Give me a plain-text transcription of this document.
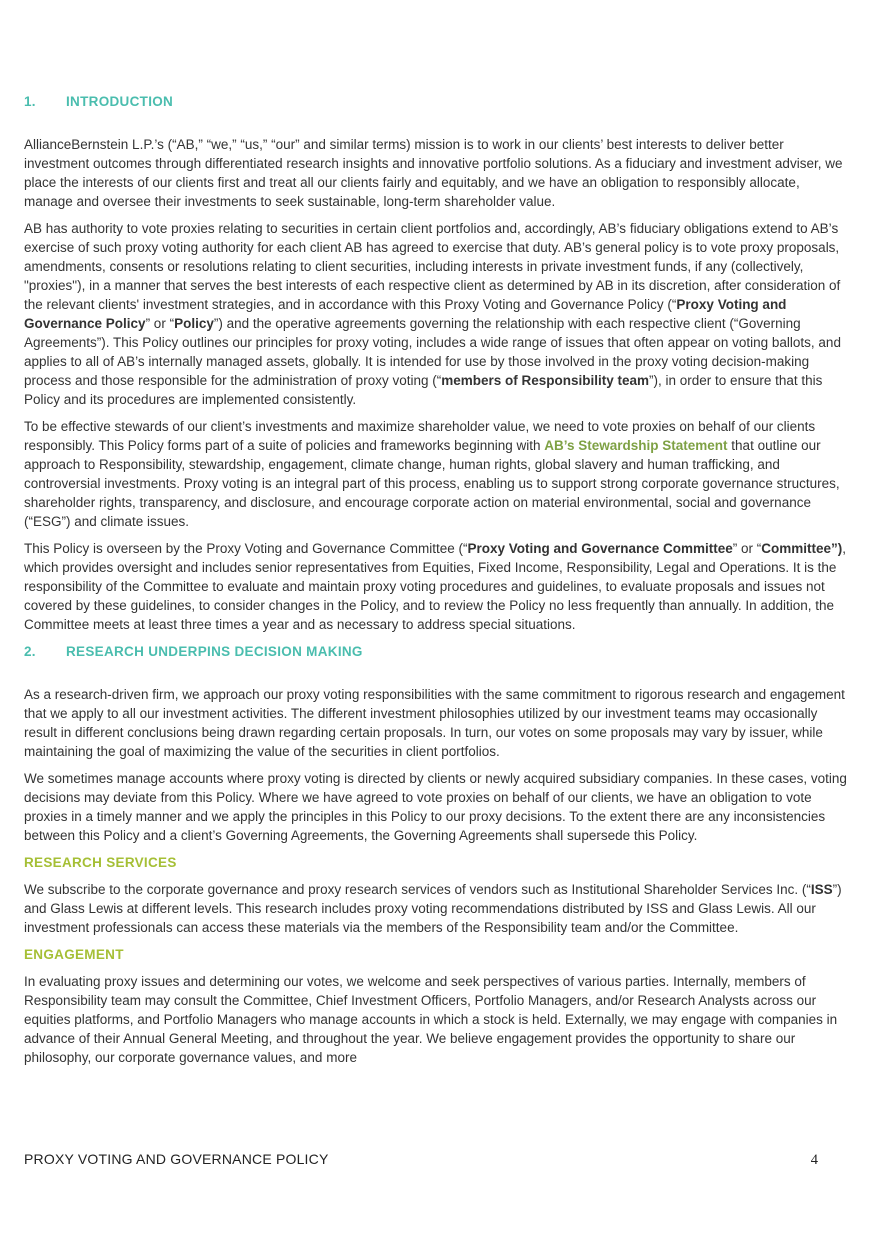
1. INTRODUCTION

AllianceBernstein L.P.’s (“AB,” “we,” “us,” “our” and similar terms) mission is to work in our clients’ best interests to deliver better investment outcomes through differentiated research insights and innovative portfolio solutions. As a fiduciary and investment adviser, we place the interests of our clients first and treat all our clients fairly and equitably, and we have an obligation to responsibly allocate, manage and oversee their investments to seek sustainable, long-term shareholder value.

AB has authority to vote proxies relating to securities in certain client portfolios and, accordingly, AB’s fiduciary obligations extend to AB’s exercise of such proxy voting authority for each client AB has agreed to exercise that duty. AB’s general policy is to vote proxy proposals, amendments, consents or resolutions relating to client securities, including interests in private investment funds, if any (collectively, "proxies"), in a manner that serves the best interests of each respective client as determined by AB in its discretion, after consideration of the relevant clients' investment strategies, and in accordance with this Proxy Voting and Governance Policy (“Proxy Voting and Governance Policy” or “Policy”) and the operative agreements governing the relationship with each respective client (“Governing Agreements”). This Policy outlines our principles for proxy voting, includes a wide range of issues that often appear on voting ballots, and applies to all of AB’s internally managed assets, globally. It is intended for use by those involved in the proxy voting decision-making process and those responsible for the administration of proxy voting (“members of Responsibility team”), in order to ensure that this Policy and its procedures are implemented consistently.

To be effective stewards of our client’s investments and maximize shareholder value, we need to vote proxies on behalf of our clients responsibly. This Policy forms part of a suite of policies and frameworks beginning with AB’s Stewardship Statement that outline our approach to Responsibility, stewardship, engagement, climate change, human rights, global slavery and human trafficking, and controversial investments. Proxy voting is an integral part of this process, enabling us to support strong corporate governance structures, shareholder rights, transparency, and disclosure, and encourage corporate action on material environmental, social and governance (“ESG”) and climate issues.

This Policy is overseen by the Proxy Voting and Governance Committee (“Proxy Voting and Governance Committee” or “Committee”), which provides oversight and includes senior representatives from Equities, Fixed Income, Responsibility, Legal and Operations. It is the responsibility of the Committee to evaluate and maintain proxy voting procedures and guidelines, to evaluate proposals and issues not covered by these guidelines, to consider changes in the Policy, and to review the Policy no less frequently than annually. In addition, the Committee meets at least three times a year and as necessary to address special situations.

2. RESEARCH UNDERPINS DECISION MAKING

As a research-driven firm, we approach our proxy voting responsibilities with the same commitment to rigorous research and engagement that we apply to all our investment activities. The different investment philosophies utilized by our investment teams may occasionally result in different conclusions being drawn regarding certain proposals. In turn, our votes on some proposals may vary by issuer, while maintaining the goal of maximizing the value of the securities in client portfolios.

We sometimes manage accounts where proxy voting is directed by clients or newly acquired subsidiary companies. In these cases, voting decisions may deviate from this Policy. Where we have agreed to vote proxies on behalf of our clients, we have an obligation to vote proxies in a timely manner and we apply the principles in this Policy to our proxy decisions. To the extent there are any inconsistencies between this Policy and a client’s Governing Agreements, the Governing Agreements shall supersede this Policy.

RESEARCH SERVICES

We subscribe to the corporate governance and proxy research services of vendors such as Institutional Shareholder Services Inc. (“ISS”) and Glass Lewis at different levels. This research includes proxy voting recommendations distributed by ISS and Glass Lewis. All our investment professionals can access these materials via the members of the Responsibility team and/or the Committee.

ENGAGEMENT

In evaluating proxy issues and determining our votes, we welcome and seek perspectives of various parties. Internally, members of Responsibility team may consult the Committee, Chief Investment Officers, Portfolio Managers, and/or Research Analysts across our equities platforms, and Portfolio Managers who manage accounts in which a stock is held. Externally, we may engage with companies in advance of their Annual General Meeting, and throughout the year. We believe engagement provides the opportunity to share our philosophy, our corporate governance values, and more

PROXY VOTING AND GOVERNANCE POLICY	4
